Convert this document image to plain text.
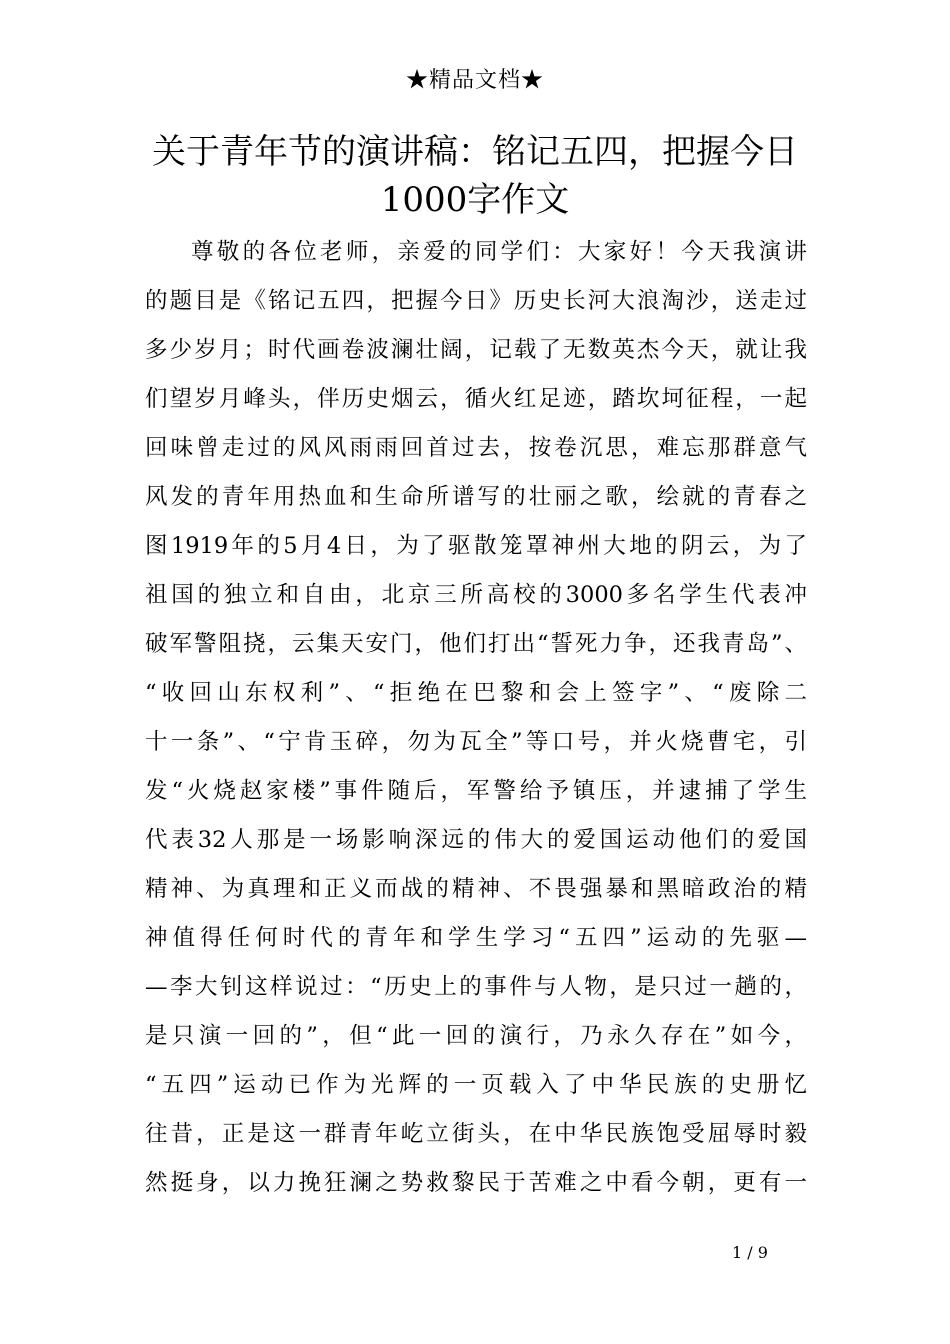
★精品文档★
关于青年节的演讲稿：铭记五四，把握今日
1000字作文
尊敬的各位老师，亲爱的同学们：大家好！今天我演讲
的题目是《铭记五四，把握今日》历史长河大浪淘沙，送走过
多少岁月；时代画卷波澜壮阔，记载了无数英杰今天，就让我
们望岁月峰头，伴历史烟云，循火红足迹，踏坎坷征程，一起
回味曾走过的风风雨雨回首过去，按卷沉思，难忘那群意气
风发的青年用热血和生命所谱写的壮丽之歌，绘就的青春之
图1919年的5月4日，为了驱散笼罩神州大地的阴云，为了
祖国的独立和自由，北京三所高校的3000多名学生代表冲
破军警阻挠，云集天安门，他们打出“誓死力争，还我青岛”、
“收回山东权利”、“拒绝在巴黎和会上签字”、“废除二
十一条”、“宁肯玉碎，勿为瓦全”等口号，并火烧曹宅，引
发“火烧赵家楼”事件随后，军警给予镇压，并逮捕了学生
代表32人那是一场影响深远的伟大的爱国运动他们的爱国
精神、为真理和正义而战的精神、不畏强暴和黑暗政治的精
神值得任何时代的青年和学生学习“五四”运动的先驱—
—李大钊这样说过：“历史上的事件与人物，是只过一趟的，
是只演一回的”，但“此一回的演行，乃永久存在”如今，
“五四”运动已作为光辉的一页载入了中华民族的史册忆
往昔，正是这一群青年屹立街头，在中华民族饱受屈辱时毅
然挺身，以力挽狂澜之势救黎民于苦难之中看今朝，更有一
1 / 9
